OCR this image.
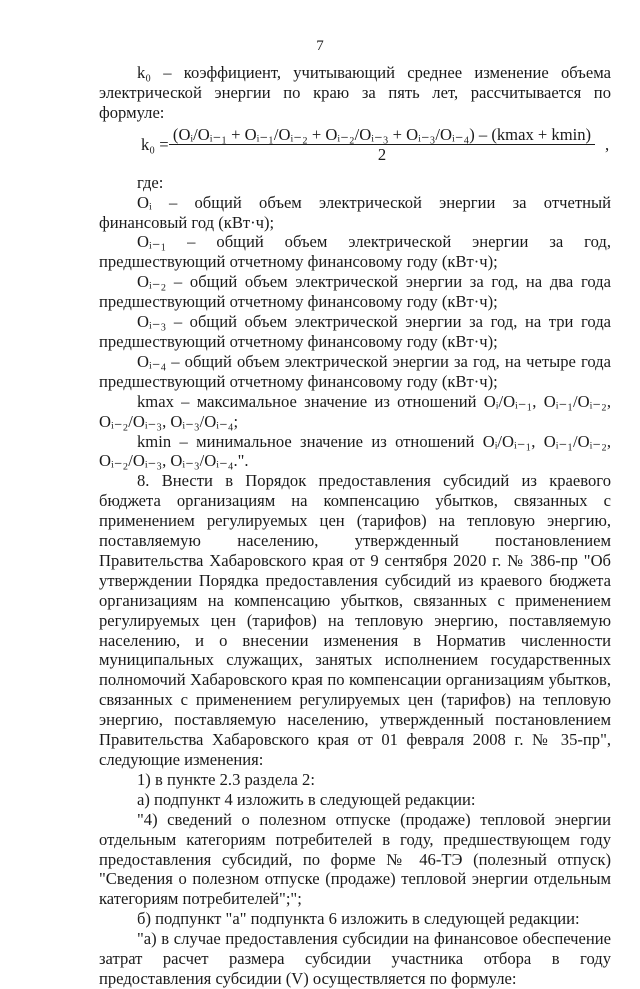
7

k₀ – коэффициент, учитывающий среднее изменение объема электрической энергии по краю за пять лет, рассчитывается по формуле:

k₀ =
(Oᵢ/Oᵢ₋₁ + Oᵢ₋₁/Oᵢ₋₂ + Oᵢ₋₂/Oᵢ₋₃ + Oᵢ₋₃/Oᵢ₋₄) – (kmax + kmin)
2
,

где:

Oᵢ – общий объем электрической энергии за отчетный финансовый год (кВт·ч);

Oᵢ₋₁ – общий объем электрической энергии за год, предшествующий отчетному финансовому году (кВт·ч);

Oᵢ₋₂ – общий объем электрической энергии за год, на два года предшествующий отчетному финансовому году (кВт·ч);

Oᵢ₋₃ – общий объем электрической энергии за год, на три года предшествующий отчетному финансовому году (кВт·ч);

Oᵢ₋₄ – общий объем электрической энергии за год, на четыре года предшествующий отчетному финансовому году (кВт·ч);

kmax – максимальное значение из отношений Oᵢ/Oᵢ₋₁, Oᵢ₋₁/Oᵢ₋₂, Oᵢ₋₂/Oᵢ₋₃, Oᵢ₋₃/Oᵢ₋₄;

kmin – минимальное значение из отношений Oᵢ/Oᵢ₋₁, Oᵢ₋₁/Oᵢ₋₂, Oᵢ₋₂/Oᵢ₋₃, Oᵢ₋₃/Oᵢ₋₄.".

8. Внести в Порядок предоставления субсидий из краевого бюджета организациям на компенсацию убытков, связанных с применением регулируемых цен (тарифов) на тепловую энергию, поставляемую населению, утвержденный постановлением Правительства Хабаровского края от 9 сентября 2020 г. № 386-пр "Об утверждении Порядка предоставления субсидий из краевого бюджета организациям на компенсацию убытков, связанных с применением регулируемых цен (тарифов) на тепловую энергию, поставляемую населению, и о внесении изменения в Норматив численности муниципальных служащих, занятых исполнением государственных полномочий Хабаровского края по компенсации организациям убытков, связанных с применением регулируемых цен (тарифов) на тепловую энергию, поставляемую населению, утвержденный постановлением Правительства Хабаровского края от 01 февраля 2008 г. № 35-пр", следующие изменения:

1) в пункте 2.3 раздела 2:

а) подпункт 4 изложить в следующей редакции:

"4) сведений о полезном отпуске (продаже) тепловой энергии отдельным категориям потребителей в году, предшествующем году предоставления субсидий, по форме № 46-ТЭ (полезный отпуск) "Сведения о полезном отпуске (продаже) тепловой энергии отдельным категориям потребителей";";

б) подпункт "а" подпункта 6 изложить в следующей редакции:

"а) в случае предоставления субсидии на финансовое обеспечение затрат расчет размера субсидии участника отбора в году предоставления субсидии (V) осуществляется по формуле:
